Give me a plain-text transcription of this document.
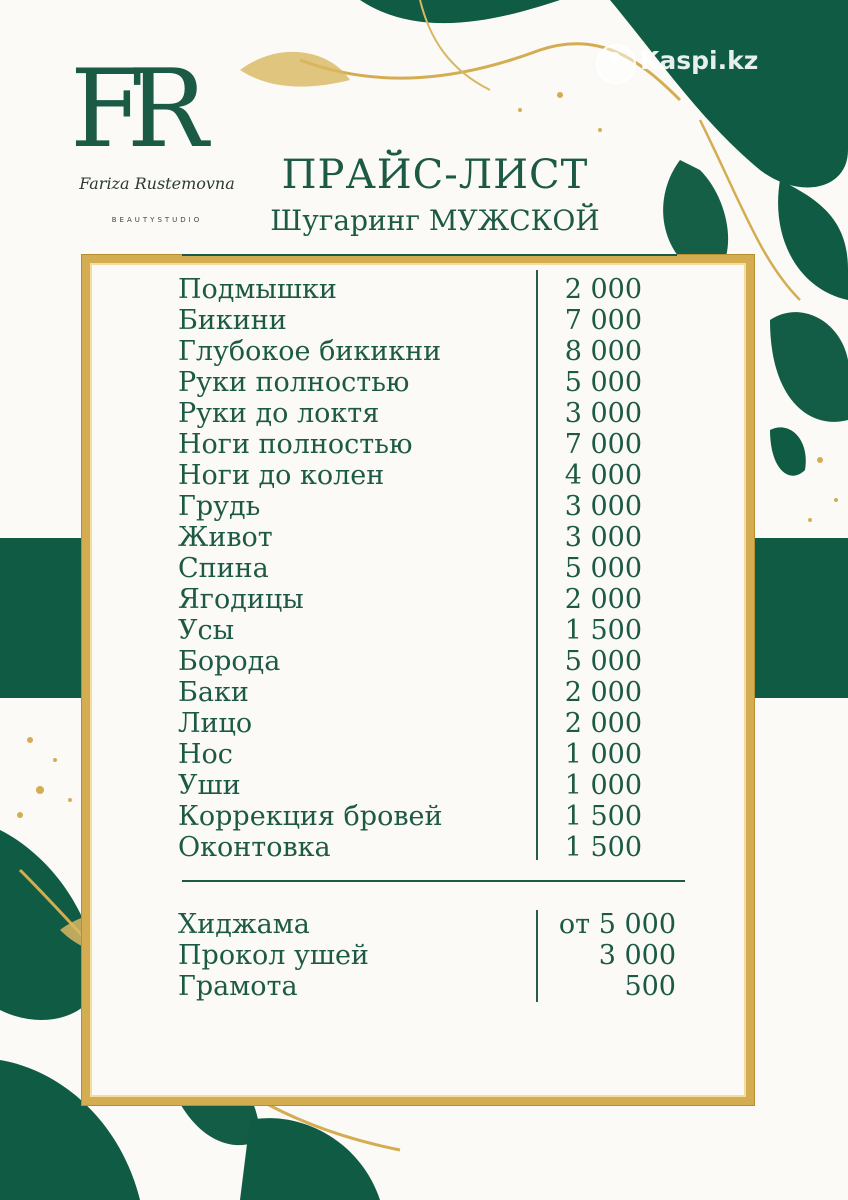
FR
Fariza Rustemovna
BEAUTYSTUDIO
Kaspi.kz
ПРАЙС-ЛИСТ
Шугаринг МУЖСКОЙ
Подмышки	2 000
Бикини	7 000
Глубокое бикикни	8 000
Руки полностью	5 000
Руки до локтя	3 000
Ноги полностью	7 000
Ноги до колен	4 000
Грудь	3 000
Живот	3 000
Спина	5 000
Ягодицы	2 000
Усы	1 500
Борода	5 000
Баки	2 000
Лицо	2 000
Нос	1 000
Уши	1 000
Коррекция бровей	1 500
Оконтовка	1 500
Хиджама	от 5 000
Прокол ушей	3 000
Грамота	500
